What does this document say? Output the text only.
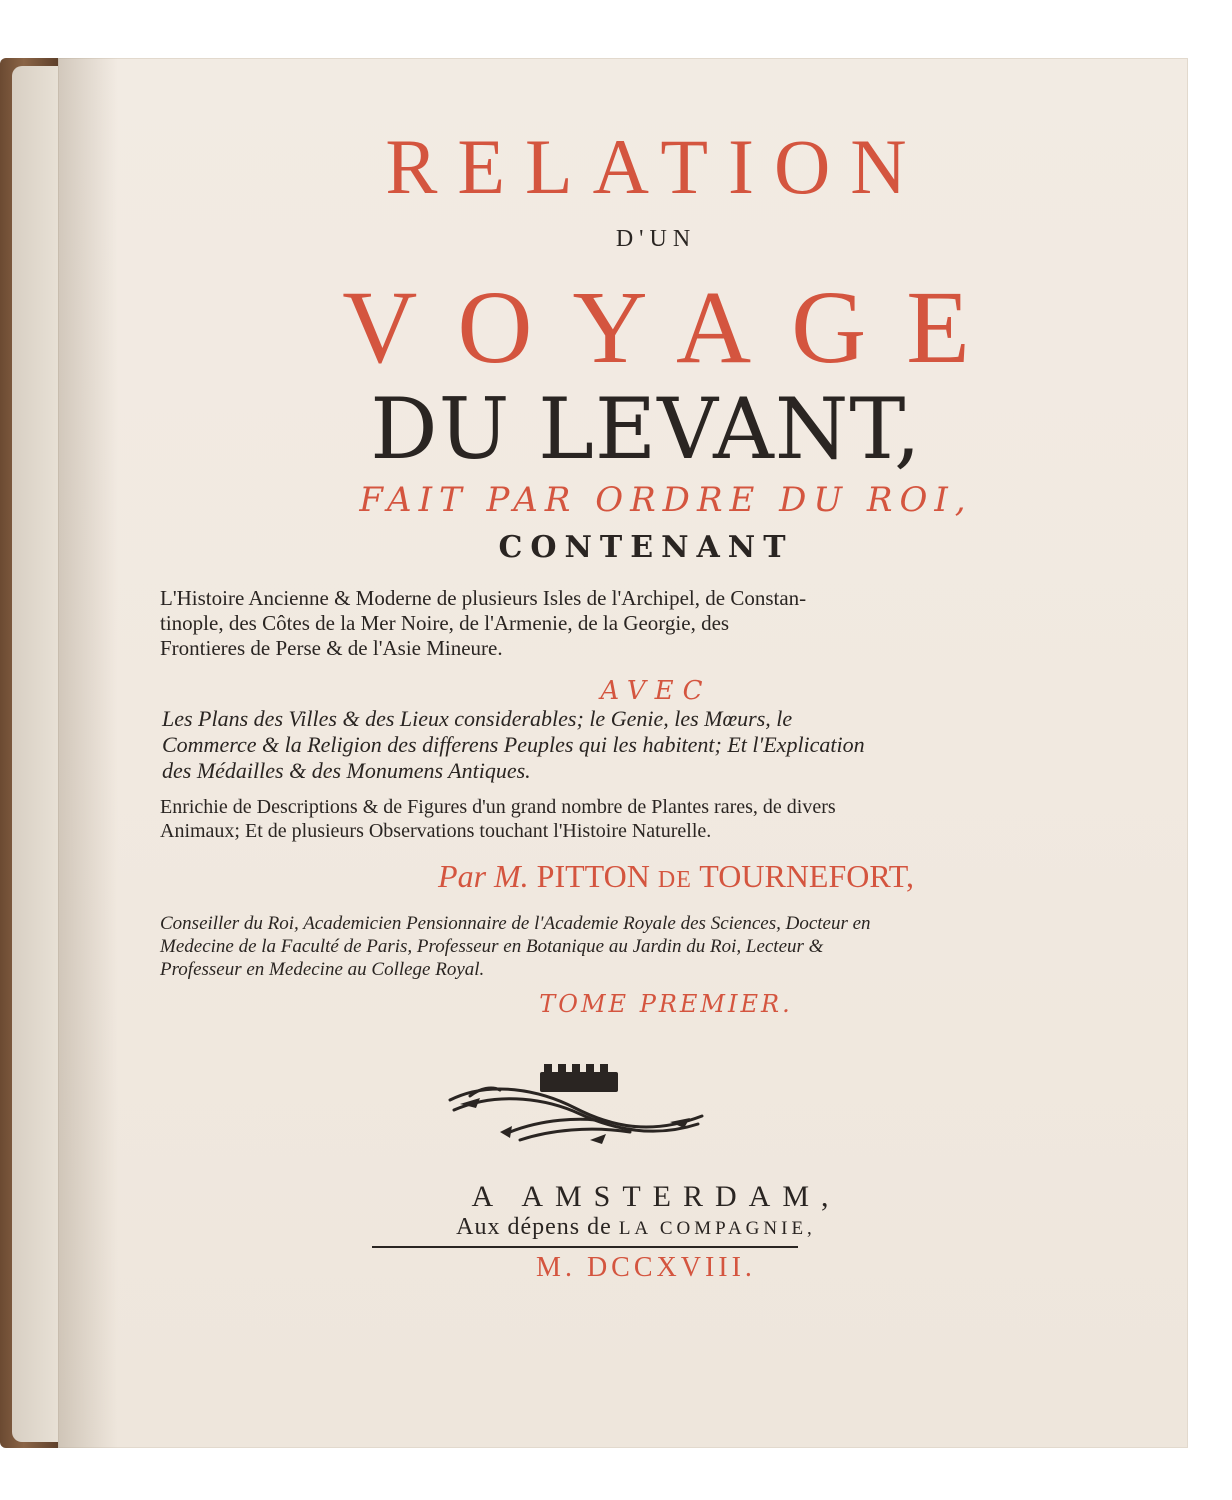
RELATION
D'UN
VOYAGE
DU LEVANT,
FAIT PAR ORDRE DU ROI,
CONTENANT
L'Histoire Ancienne & Moderne de plusieurs Isles de l'Archipel, de Constan-
tinople, des Côtes de la Mer Noire, de l'Armenie, de la Georgie, des
Frontieres de Perse & de l'Asie Mineure.
AVEC
Les Plans des Villes & des Lieux considerables; le Genie, les Mœurs, le
Commerce & la Religion des differens Peuples qui les habitent; Et l'Explication
des Médailles & des Monumens Antiques.
Enrichie de Descriptions & de Figures d'un grand nombre de Plantes rares, de divers
Animaux; Et de plusieurs Observations touchant l'Histoire Naturelle.
Par M. PITTON DE TOURNEFORT,
Conseiller du Roi, Academicien Pensionnaire de l'Academie Royale des Sciences, Docteur en
Medecine de la Faculté de Paris, Professeur en Botanique au Jardin du Roi, Lecteur &
Professeur en Medecine au College Royal.
TOME PREMIER.
A AMSTERDAM,
Aux dépens de LA COMPAGNIE,
M. DCCXVIII.
